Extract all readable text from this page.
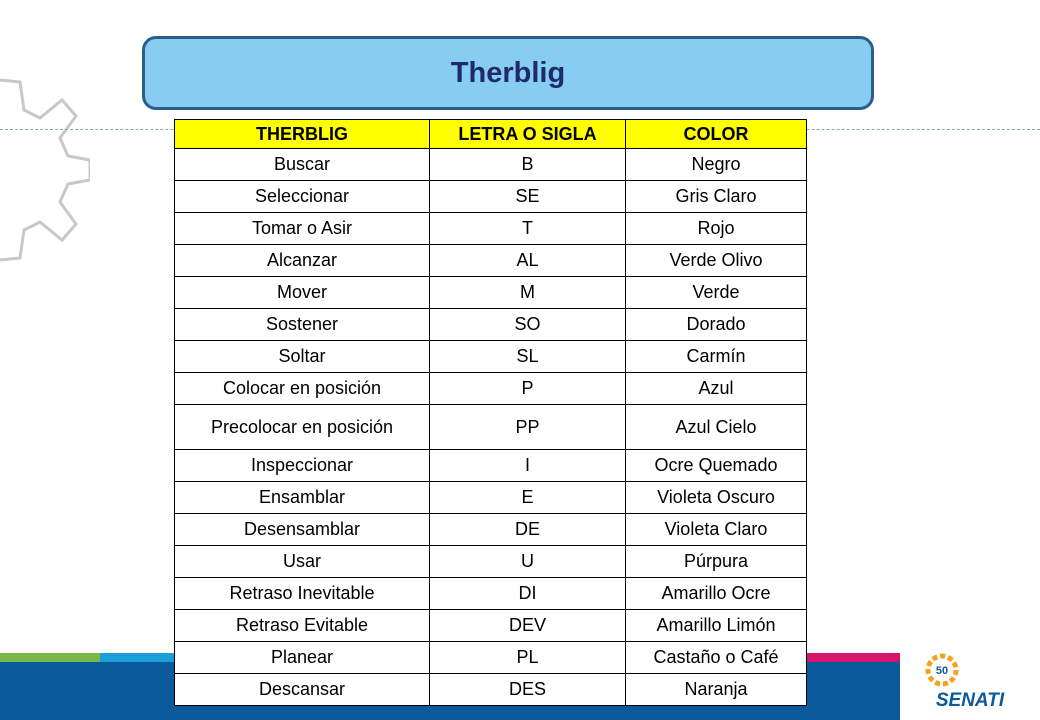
Therblig
50
SENATI
THERBLIG	LETRA O SIGLA	COLOR
Buscar	B	Negro
Seleccionar	SE	Gris Claro
Tomar o Asir	T	Rojo
Alcanzar	AL	Verde Olivo
Mover	M	Verde
Sostener	SO	Dorado
Soltar	SL	Carmín
Colocar en posición	P	Azul
Precolocar en posición	PP	Azul Cielo
Inspeccionar	I	Ocre Quemado
Ensamblar	E	Violeta Oscuro
Desensamblar	DE	Violeta Claro
Usar	U	Púrpura
Retraso Inevitable	DI	Amarillo Ocre
Retraso Evitable	DEV	Amarillo Limón
Planear	PL	Castaño o Café
Descansar	DES	Naranja
